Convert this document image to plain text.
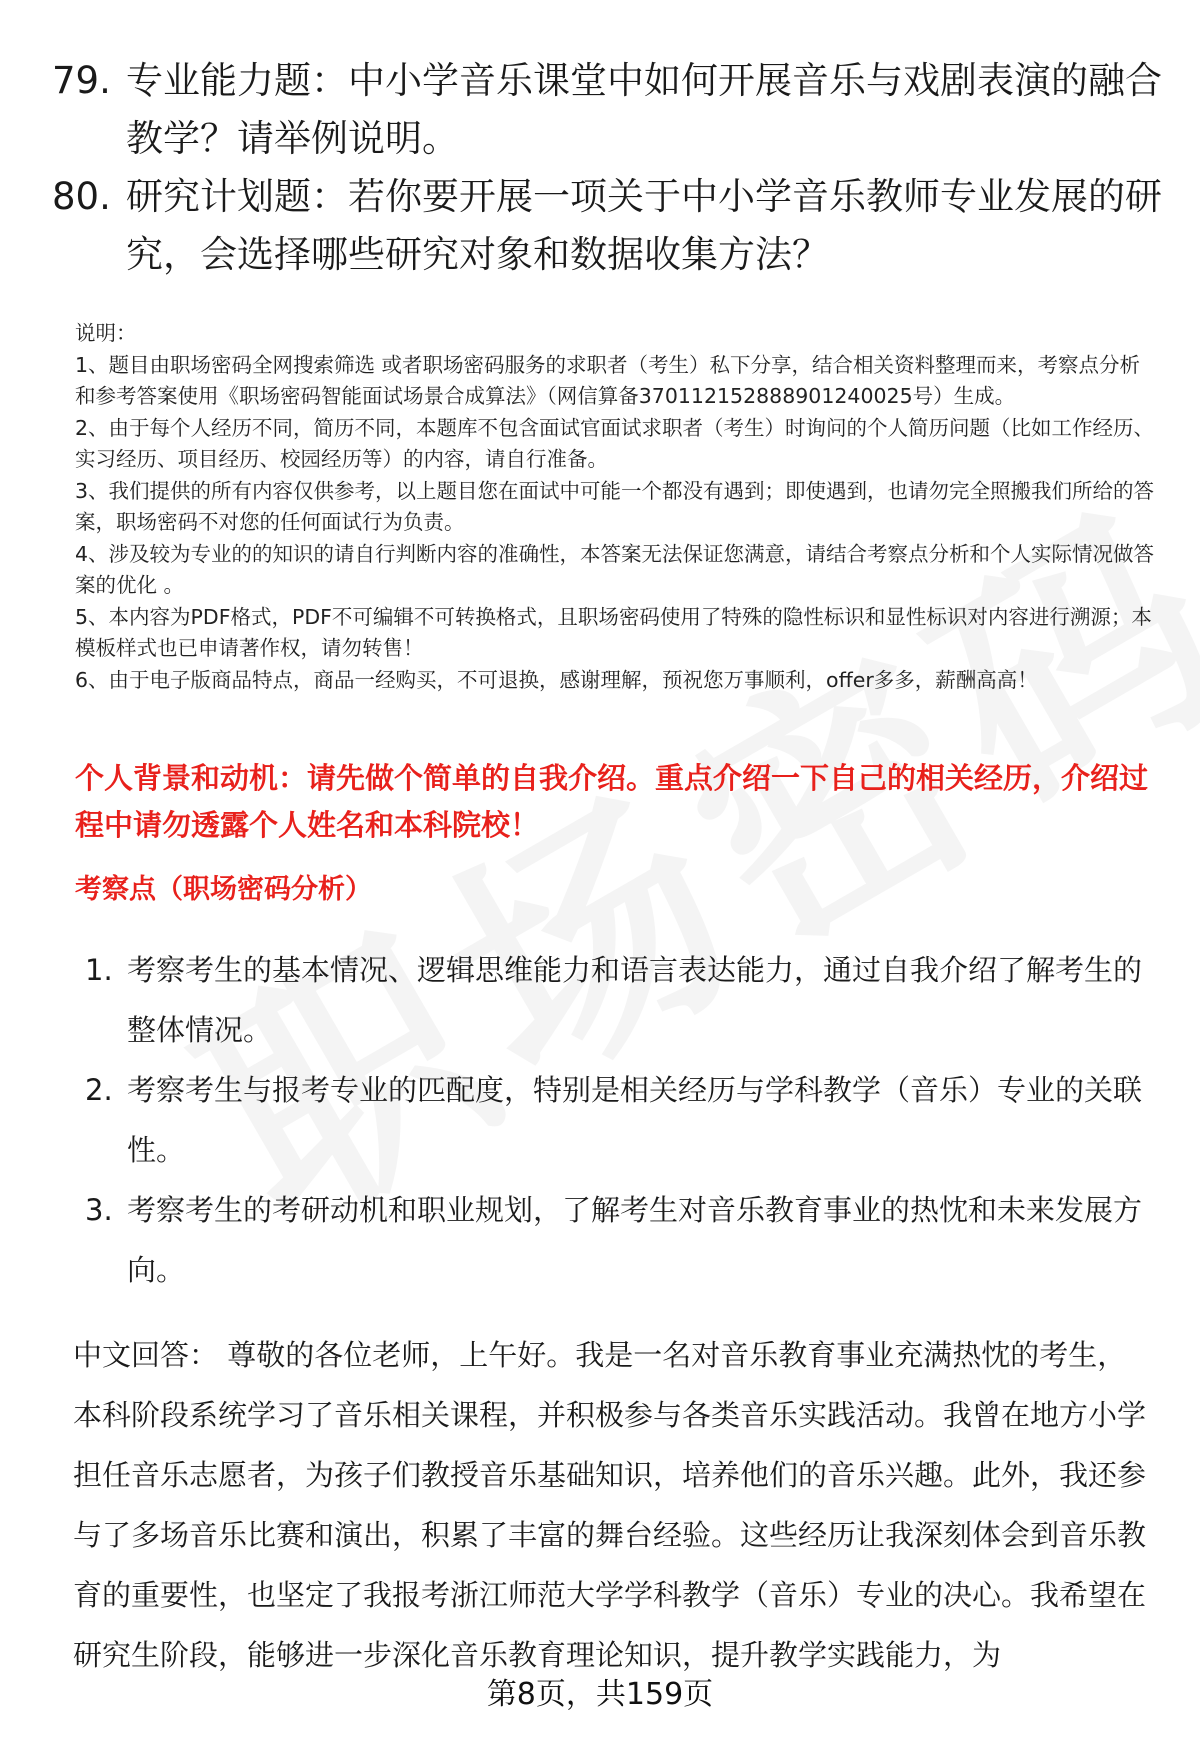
79. 专业能力题：中小学音乐课堂中如何开展音乐与戏剧表演的融合教学？请举例说明。
80. 研究计划题：若你要开展一项关于中小学音乐教师专业发展的研究，会选择哪些研究对象和数据收集方法？

说明：

1、题目由职场密码全网搜索筛选 或者职场密码服务的求职者（考生）私下分享，结合相关资料整理而来，考察点分析和参考答案使用《职场密码智能面试场景合成算法》（网信算备370112152888901240025号）生成。

2、由于每个人经历不同，简历不同，本题库不包含面试官面试求职者（考生）时询问的个人简历问题（比如工作经历、实习经历、项目经历、校园经历等）的内容，请自行准备。

3、我们提供的所有内容仅供参考，以上题目您在面试中可能一个都没有遇到；即使遇到，也请勿完全照搬我们所给的答案，职场密码不对您的任何面试行为负责。

4、涉及较为专业的的知识的请自行判断内容的准确性，本答案无法保证您满意，请结合考察点分析和个人实际情况做答案的优化 。

5、本内容为PDF格式，PDF不可编辑不可转换格式，且职场密码使用了特殊的隐性标识和显性标识对内容进行溯源；本模板样式也已申请著作权，请勿转售！

6、由于电子版商品特点，商品一经购买，不可退换，感谢理解，预祝您万事顺利，offer多多，薪酬高高！

个人背景和动机：请先做个简单的自我介绍。重点介绍一下自己的相关经历，介绍过程中请勿透露个人姓名和本科院校！
考察点（职场密码分析）
1. 考察考生的基本情况、逻辑思维能力和语言表达能力，通过自我介绍了解考生的整体情况。
2. 考察考生与报考专业的匹配度，特别是相关经历与学科教学（音乐）专业的关联性。
3. 考察考生的考研动机和职业规划，了解考生对音乐教育事业的热忱和未来发展方向。

中文回答： 尊敬的各位老师，上午好。我是一名对音乐教育事业充满热忱的考生，本科阶段系统学习了音乐相关课程，并积极参与各类音乐实践活动。我曾在地方小学担任音乐志愿者，为孩子们教授音乐基础知识，培养他们的音乐兴趣。此外，我还参与了多场音乐比赛和演出，积累了丰富的舞台经验。这些经历让我深刻体会到音乐教育的重要性，也坚定了我报考浙江师范大学学科教学（音乐）专业的决心。我希望在研究生阶段，能够进一步深化音乐教育理论知识，提升教学实践能力，为

第8页，共159页
